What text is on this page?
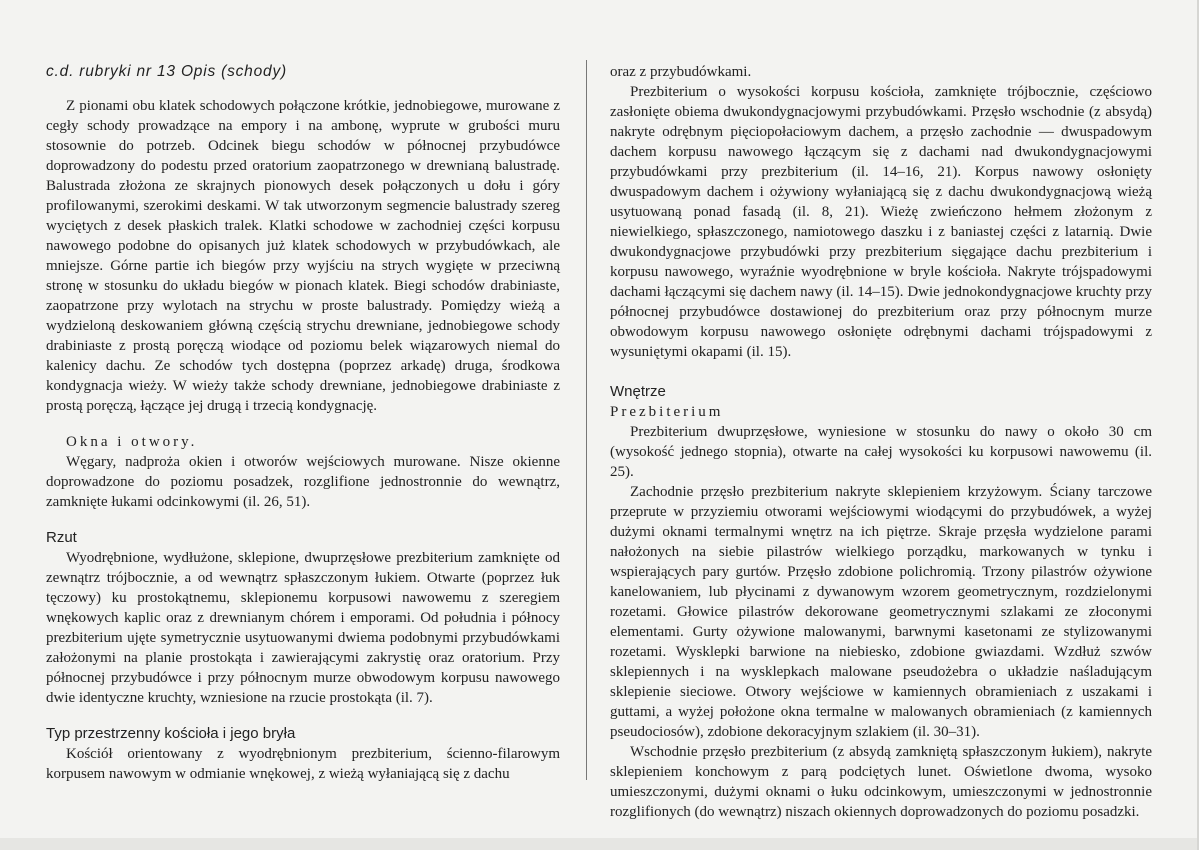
c.d. rubryki nr 13 Opis (schody)

Z pionami obu klatek schodowych połączone krótkie, jednobiegowe, murowane z cegły schody prowadzące na empory i na ambonę, wyprute w grubości muru stosownie do potrzeb. Odcinek biegu schodów w północnej przybudówce doprowadzony do podestu przed oratorium zaopatrzonego w drewnianą balustradę. Balustrada złożona ze skrajnych pionowych desek połączonych u dołu i góry profilowanymi, szerokimi deskami. W tak utworzonym segmencie balustrady szereg wyciętych z desek płaskich tralek. Klatki schodowe w zachodniej części korpusu nawowego podobne do opisanych już klatek schodowych w przybudówkach, ale mniejsze. Górne partie ich biegów przy wyjściu na strych wygięte w przeciwną stronę w stosunku do układu biegów w pionach klatek. Biegi schodów drabiniaste, zaopatrzone przy wylotach na strychu w proste balustrady. Pomiędzy wieżą a wydzieloną deskowaniem główną częścią strychu drewniane, jednobiegowe schody drabiniaste z prostą poręczą wiodące od poziomu belek wiązarowych niemal do kalenicy dachu. Ze schodów tych dostępna (poprzez arkadę) druga, środkowa kondygnacja wieży. W wieży także schody drewniane, jednobiegowe drabiniaste z prostą poręczą, łączące jej drugą i trzecią kondygnację.

Okna i otwory.

Węgary, nadproża okien i otworów wejściowych murowane. Nisze okienne doprowadzone do poziomu posadzek, rozglifione jednostronnie do wewnątrz, zamknięte łukami odcinkowymi (il. 26, 51).

Rzut

Wyodrębnione, wydłużone, sklepione, dwuprzęsłowe prezbiterium zamknięte od zewnątrz trójbocznie, a od wewnątrz spłaszczonym łukiem. Otwarte (poprzez łuk tęczowy) ku prostokątnemu, sklepionemu korpusowi nawowemu z szeregiem wnękowych kaplic oraz z drewnianym chórem i emporami. Od południa i północy prezbiterium ujęte symetrycznie usytuowanymi dwiema podobnymi przybudówkami założonymi na planie prostokąta i zawierającymi zakrystię oraz oratorium. Przy północnej przybudówce i przy północnym murze obwodowym korpusu nawowego dwie identyczne kruchty, wzniesione na rzucie prostokąta (il. 7).

Typ przestrzenny kościoła i jego bryła

Kościół orientowany z wyodrębnionym prezbiterium, ścienno-filarowym korpusem nawowym w odmianie wnękowej, z wieżą wyłaniającą się z dachu

oraz z przybudówkami.

Prezbiterium o wysokości korpusu kościoła, zamknięte trójbocznie, częściowo zasłonięte obiema dwukondygnacjowymi przybudówkami. Przęsło wschodnie (z absydą) nakryte odrębnym pięciopołaciowym dachem, a przęsło zachodnie — dwuspadowym dachem korpusu nawowego łączącym się z dachami nad dwukondygnacjowymi przybudówkami przy prezbiterium (il. 14–16, 21). Korpus nawowy osłonięty dwuspadowym dachem i ożywiony wyłaniającą się z dachu dwukondygnacjową wieżą usytuowaną ponad fasadą (il. 8, 21). Wieżę zwieńczono hełmem złożonym z niewielkiego, spłaszczonego, namiotowego daszku i z baniastej części z latarnią. Dwie dwukondygnacjowe przybudówki przy prezbiterium sięgające dachu prezbiterium i korpusu nawowego, wyraźnie wyodrębnione w bryle kościoła. Nakryte trójspadowymi dachami łączącymi się dachem nawy (il. 14–15). Dwie jednokondygnacjowe kruchty przy północnej przybudówce dostawionej do prezbiterium oraz przy północnym murze obwodowym korpusu nawowego osłonięte odrębnymi dachami trójspadowymi z wysuniętymi okapami (il. 15).

Wnętrze
Prezbiterium

Prezbiterium dwuprzęsłowe, wyniesione w stosunku do nawy o około 30 cm (wysokość jednego stopnia), otwarte na całej wysokości ku korpusowi nawowemu (il. 25).

Zachodnie przęsło prezbiterium nakryte sklepieniem krzyżowym. Ściany tarczowe przeprute w przyziemiu otworami wejściowymi wiodącymi do przybudówek, a wyżej dużymi oknami termalnymi wnętrz na ich piętrze. Skraje przęsła wydzielone parami nałożonych na siebie pilastrów wielkiego porządku, markowanych w tynku i wspierających pary gurtów. Przęsło zdobione polichromią. Trzony pilastrów ożywione kanelowaniem, lub płycinami z dywanowym wzorem geometrycznym, rozdzielonymi rozetami. Głowice pilastrów dekorowane geometrycznymi szlakami ze złoconymi elementami. Gurty ożywione malowanymi, barwnymi kasetonami ze stylizowanymi rozetami. Wysklepki barwione na niebiesko, zdobione gwiazdami. Wzdłuż szwów sklepiennych i na wysklepkach malowane pseudożebra o układzie naśladującym sklepienie sieciowe. Otwory wejściowe w kamiennych obramieniach z uszakami i guttami, a wyżej położone okna termalne w malowanych obramieniach (z kamiennych pseudociosów), zdobione dekoracyjnym szlakiem (il. 30–31).

Wschodnie przęsło prezbiterium (z absydą zamkniętą spłaszczonym łukiem), nakryte sklepieniem konchowym z parą podciętych lunet. Oświetlone dwoma, wysoko umieszczonymi, dużymi oknami o łuku odcinkowym, umieszczonymi w jednostronnie rozglifionych (do wewnątrz) niszach okiennych doprowadzonych do poziomu posadzki.
